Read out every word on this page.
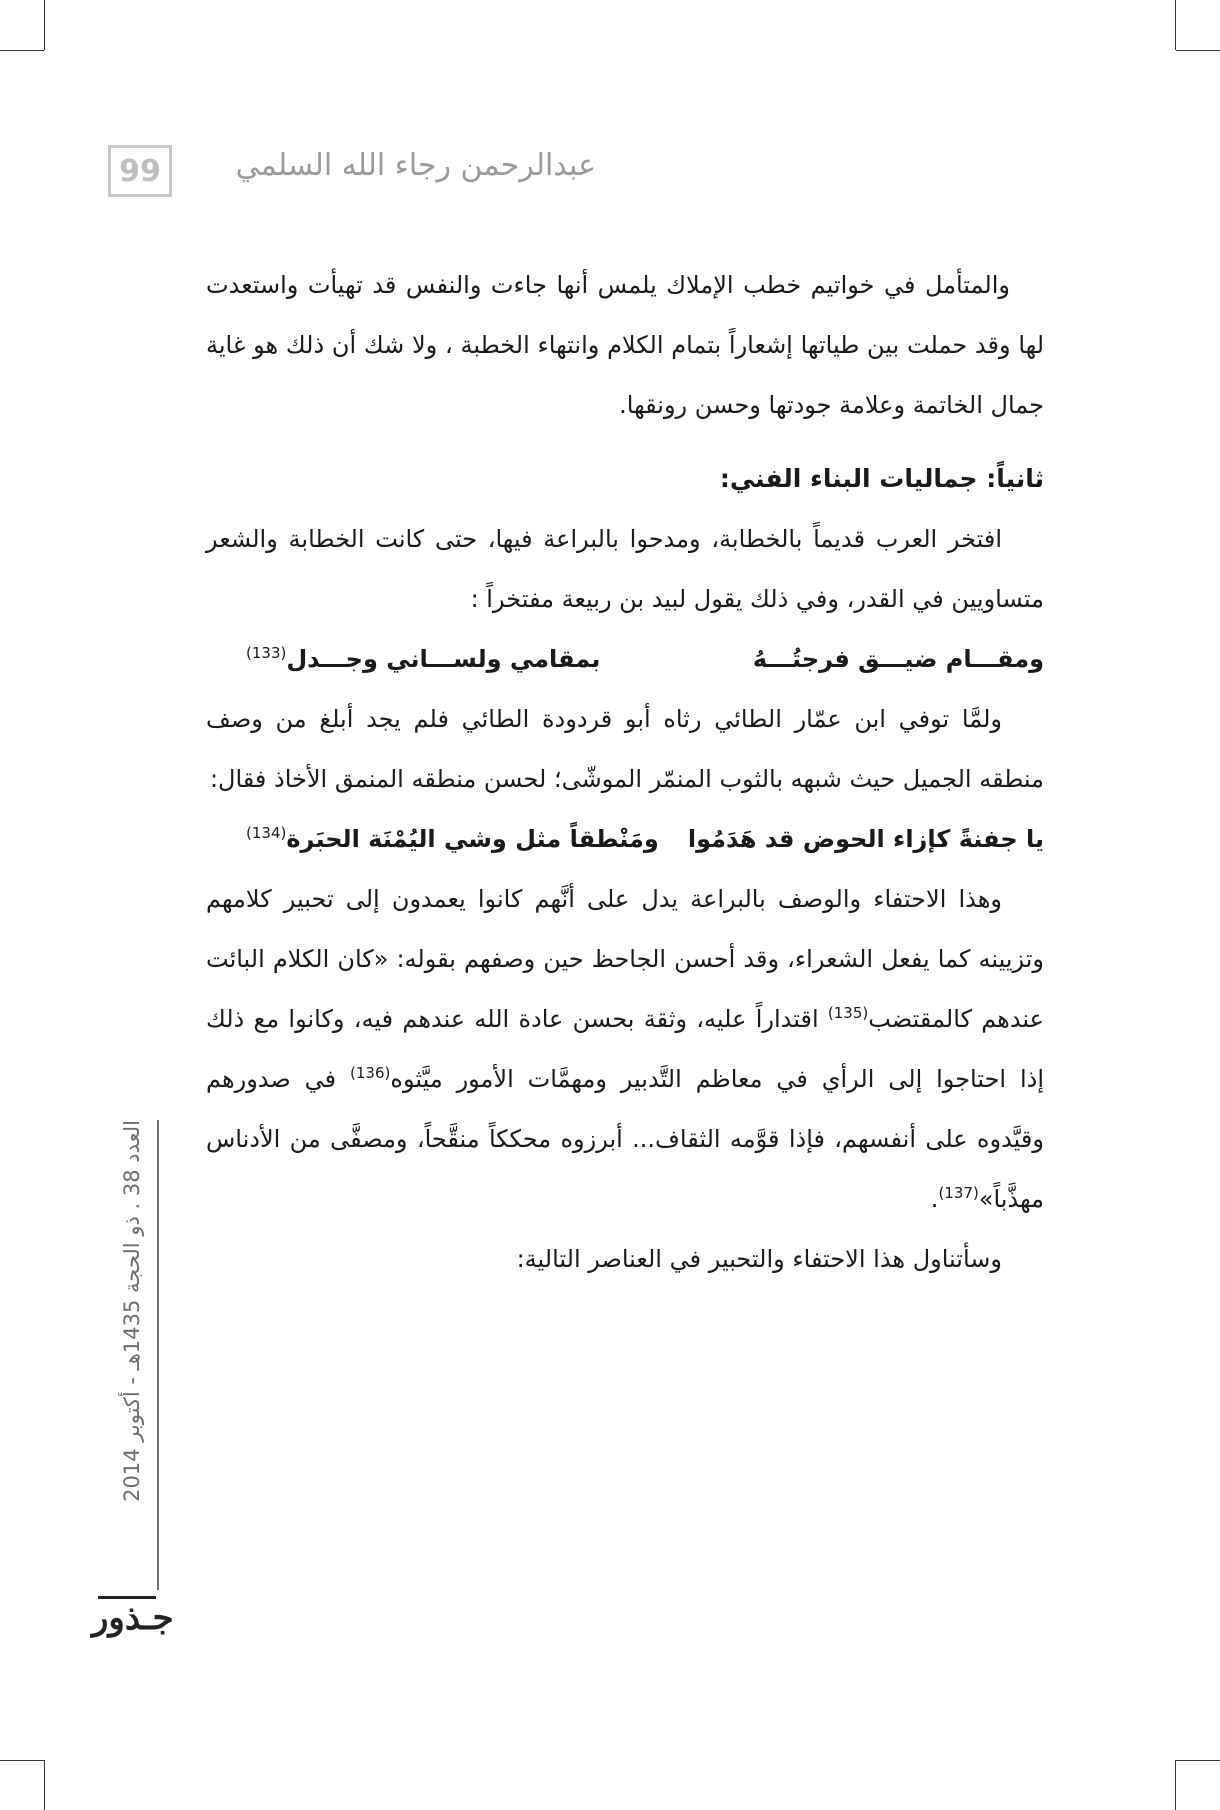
99	عبدالرحمن رجاء الله السلمي

والمتأمل في خواتيم خطب الإملاك يلمس أنها جاءت والنفس قد تهيأت واستعدت لها وقد حملت بين طياتها إشعاراً بتمام الكلام وانتهاء الخطبة ، ولا شك أن ذلك هو غاية جمال الخاتمة وعلامة جودتها وحسن رونقها.

ثانياً: جماليات البناء الفني:

افتخر العرب قديماً بالخطابة، ومدحوا بالبراعة فيها، حتى كانت الخطابة والشعر متساويين في القدر، وفي ذلك يقول لبيد بن ربيعة مفتخراً :

ومقـــام ضيـــق فرجتُـــهُ
بمقامي ولســـاني وجـــدل$^{(133)}$

ولمَّا توفي ابن عمّار الطائي رثاه أبو قردودة الطائي فلم يجد أبلغ من وصف منطقه الجميل حيث شبهه بالثوب المنمّر الموشّى؛ لحسن منطقه المنمق الأخاذ فقال:

يا جفنةً كإزاء الحوض قد هَدَمُوا
ومَنْطقاً مثل وشي اليُمْنَة الحبَرة$^{(134)}$

وهذا الاحتفاء والوصف بالبراعة يدل على أنَّهم كانوا يعمدون إلى تحبير كلامهم وتزيينه كما يفعل الشعراء، وقد أحسن الجاحظ حين وصفهم بقوله: «كان الكلام البائت عندهم كالمقتضب$^{(135)}$ اقتداراً عليه، وثقة بحسن عادة الله عندهم فيه، وكانوا مع ذلك إذا احتاجوا إلى الرأي في معاظم التَّدبير ومهمَّات الأمور ميَّثوه$^{(136)}$ في صدورهم وقيَّدوه على أنفسهم، فإذا قوَّمه الثقاف... أبرزوه محككاً منقَّحاً، ومصفَّى من الأدناس مهذَّباً»$^{(137)}$.

وسأتناول هذا الاحتفاء والتحبير في العناصر التالية:

العدد 38 . ذو الحجة 1435هـ - أكتوبر 2014
جـذور
